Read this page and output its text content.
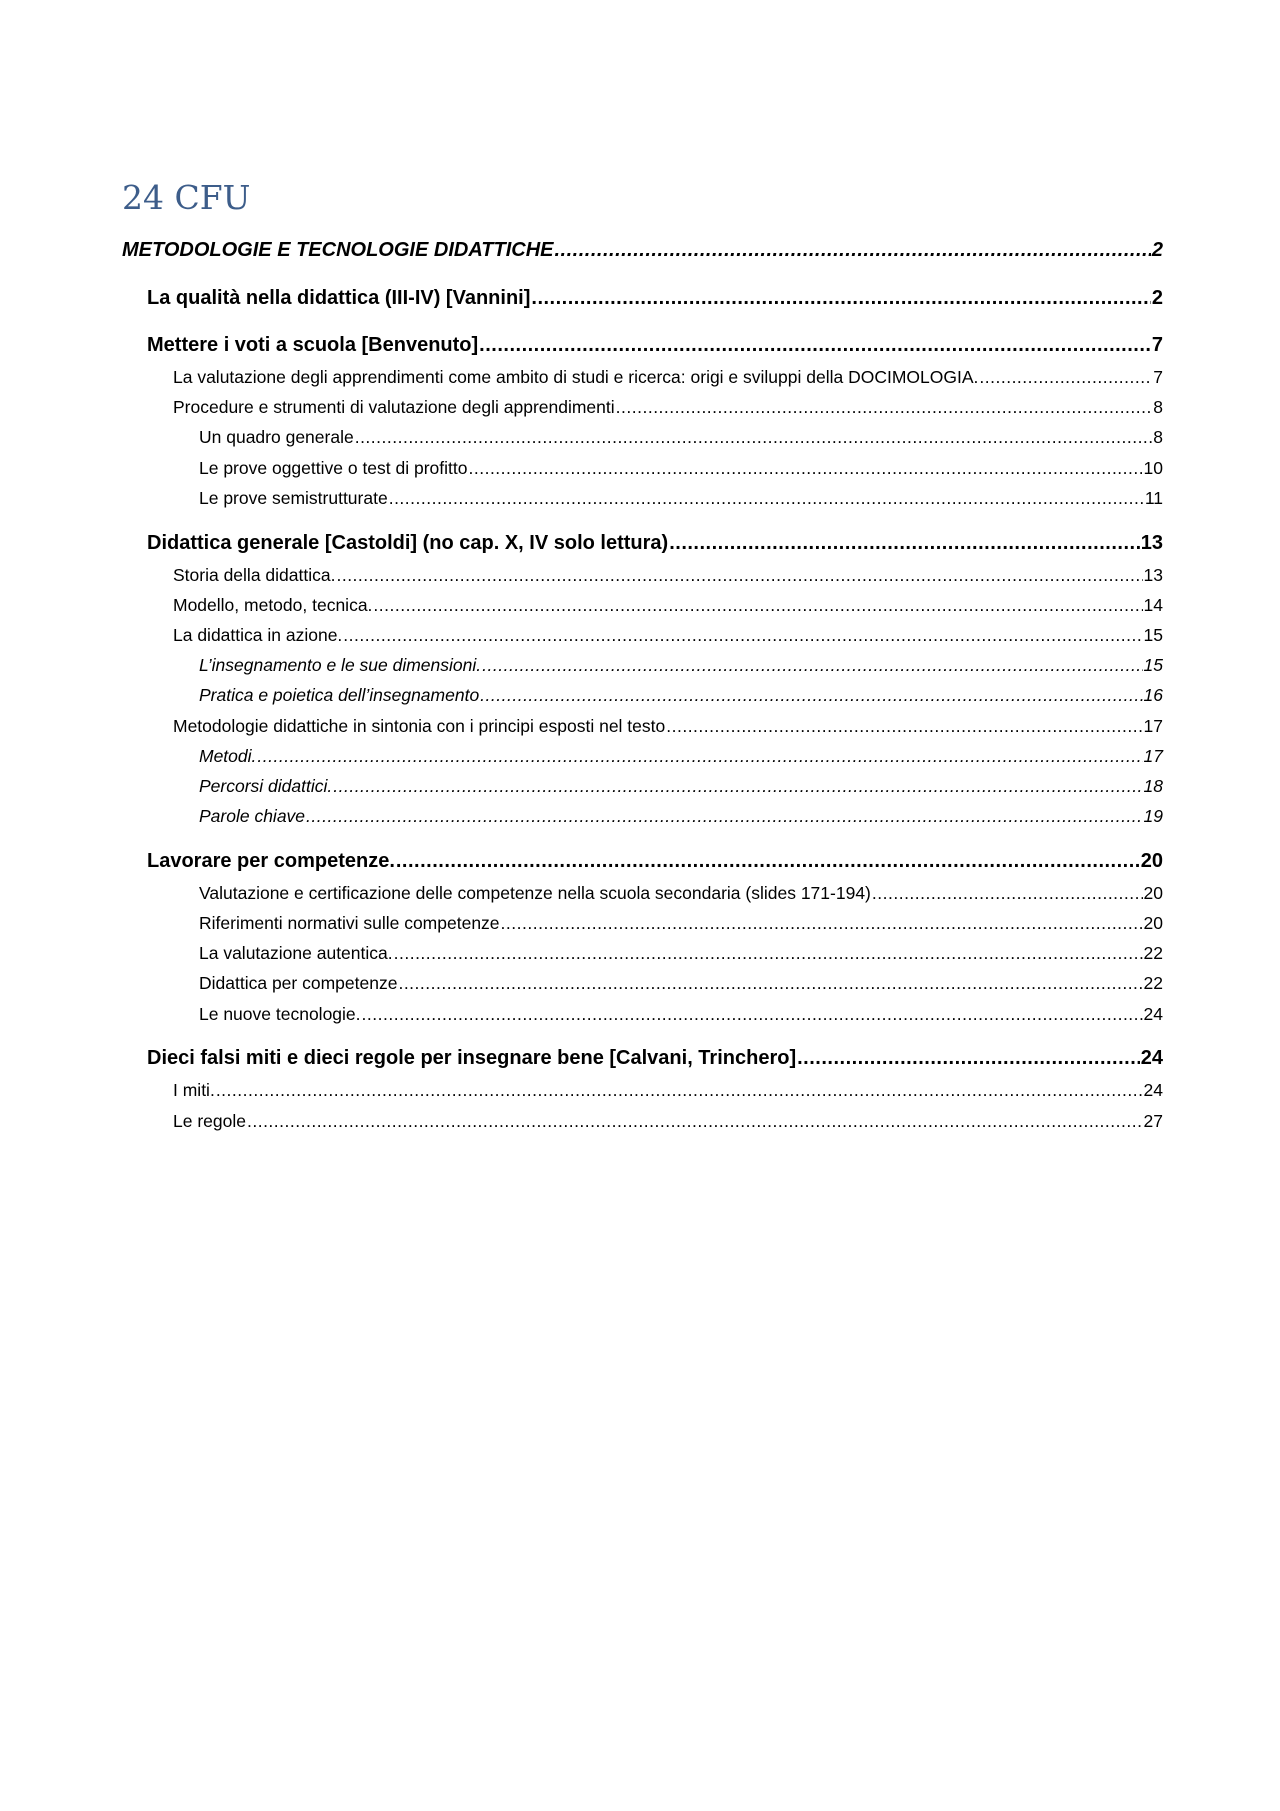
24 CFU
METODOLOGIE E TECNOLOGIE DIDATTICHE .....	2
La qualità nella didattica (III-IV) [Vannini] .....	2
Mettere i voti a scuola [Benvenuto] .....	7
La valutazione degli apprendimenti come ambito di studi e ricerca: origi e sviluppi della DOCIMOLOGIA. .....	7
Procedure e strumenti di valutazione degli apprendimenti .....	8
Un quadro generale .....	8
Le prove oggettive o test di profitto .....	10
Le prove semistrutturate .....	11
Didattica generale [Castoldi] (no cap. X, IV solo lettura) .....	13
Storia della didattica. .....	13
Modello, metodo, tecnica. .....	14
La didattica in azione. .....	15
L’insegnamento e le sue dimensioni. .....	15
Pratica e poietica dell’insegnamento .....	16
Metodologie didattiche in sintonia con i principi esposti nel testo .....	17
Metodi. .....	17
Percorsi didattici. .....	18
Parole chiave .....	19
Lavorare per competenze. .....	20
Valutazione e certificazione delle competenze nella scuola secondaria (slides 171-194) .....	20
Riferimenti normativi sulle competenze .....	20
La valutazione autentica. .....	22
Didattica per competenze .....	22
Le nuove tecnologie. .....	24
Dieci falsi miti e dieci regole per insegnare bene [Calvani, Trinchero] .....	24
I miti. .....	24
Le regole .....	27
